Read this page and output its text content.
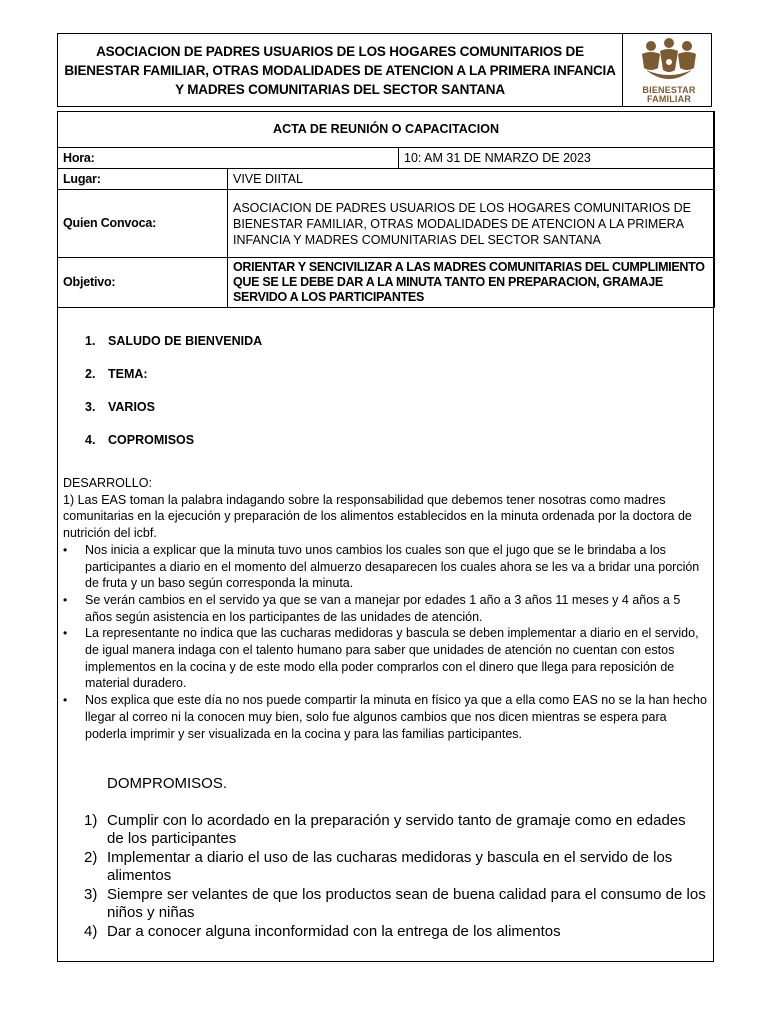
ASOCIACION DE PADRES USUARIOS DE LOS HOGARES COMUNITARIOS DE BIENESTAR FAMILIAR, OTRAS MODALIDADES DE ATENCION A LA PRIMERA INFANCIA Y MADRES COMUNITARIAS DEL SECTOR SANTANA	BIENESTAR
FAMILIAR
ACTA DE REUNIÓN O CAPACITACION		
Hora:		10: AM 31 DE NMARZO DE 2023
Lugar:	VIVE DIITAL	
Quien Convoca:	ASOCIACION DE PADRES USUARIOS DE LOS HOGARES COMUNITARIOS DE BIENESTAR FAMILIAR, OTRAS MODALIDADES DE ATENCION A LA PRIMERA INFANCIA Y MADRES COMUNITARIAS DEL SECTOR SANTANA	
Objetivo:	ORIENTAR Y SENCIVILIZAR A LAS MADRES COMUNITARIAS DEL CUMPLIMIENTO QUE SE LE DEBE DAR A LA MINUTA TANTO EN PREPARACION, GRAMAJE SERVIDO A LOS PARTICIPANTES	
1.	SALUDO DE BIENVENIDA
2.	TEMA:
3.	VARIOS
4.	COPROMISOS

DESARROLLO:

1) Las EAS toman la palabra indagando sobre la responsabilidad que debemos tener nosotras como madres comunitarias en la ejecución y preparación de los alimentos establecidos en la minuta ordenada por la doctora de nutrición del icbf.

• Nos inicia a explicar que la minuta tuvo unos cambios los cuales son que el jugo que se le brindaba a los participantes a diario en el momento del almuerzo desaparecen los cuales ahora se les va a bridar una porción de fruta y un baso según corresponda la minuta.
• Se verán cambios en el servido ya que se van a manejar por edades 1 año a 3 años 11 meses y 4 años a 5 años según asistencia en los participantes de las unidades de atención.
• La representante no indica que las cucharas medidoras y bascula se deben implementar a diario en el servido, de igual manera indaga con el talento humano para saber que unidades de atención no cuentan con estos implementos en la cocina y de este modo ella poder comprarlos con el dinero que llega para reposición de material duradero.
• Nos explica que este día no nos puede compartir la minuta en físico ya que a ella como EAS no se la han hecho llegar al correo ni la conocen muy bien, solo fue algunos cambios que nos dicen mientras se espera para poderla imprimir y ser visualizada en la cocina y para las familias participantes.
DOMPROMISOS.
1) Cumplir con lo acordado en la preparación y servido tanto de gramaje como en edades de los participantes
2) Implementar a diario el uso de las cucharas medidoras y bascula en el servido de los alimentos
3) Siempre ser velantes de que los productos sean de buena calidad para el consumo de los niños y niñas
4) Dar a conocer alguna inconformidad con la entrega de los alimentos
